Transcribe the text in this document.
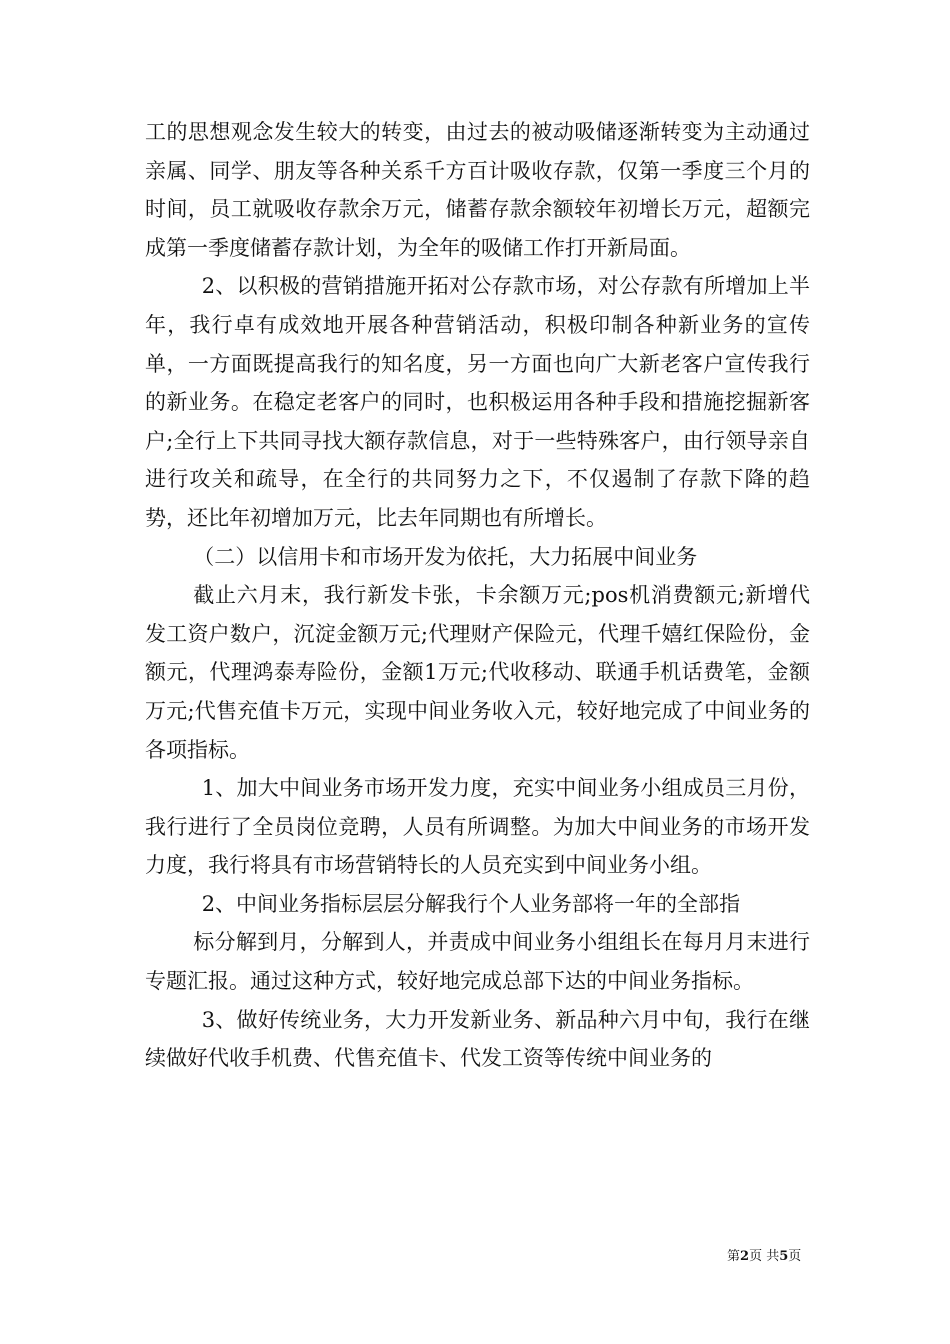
工的思想观念发生较大的转变，由过去的被动吸储逐渐转变为主动通过亲属、同学、朋友等各种关系千方百计吸收存款，仅第一季度三个月的时间，员工就吸收存款余万元，储蓄存款余额较年初增长万元，超额完成第一季度储蓄存款计划，为全年的吸储工作打开新局面。

2、以积极的营销措施开拓对公存款市场，对公存款有所增加上半年，我行卓有成效地开展各种营销活动，积极印制各种新业务的宣传单，一方面既提高我行的知名度，另一方面也向广大新老客户宣传我行的新业务。在稳定老客户的同时，也积极运用各种手段和措施挖掘新客户;全行上下共同寻找大额存款信息，对于一些特殊客户，由行领导亲自进行攻关和疏导，在全行的共同努力之下，不仅遏制了存款下降的趋势，还比年初增加万元，比去年同期也有所增长。

（二）以信用卡和市场开发为依托，大力拓展中间业务

截止六月末，我行新发卡张，卡余额万元;pos机消费额元;新增代发工资户数户，沉淀金额万元;代理财产保险元，代理千嬉红保险份，金额元，代理鸿泰寿险份，金额1万元;代收移动、联通手机话费笔，金额万元;代售充值卡万元，实现中间业务收入元，较好地完成了中间业务的各项指标。

1、加大中间业务市场开发力度，充实中间业务小组成员三月份，我行进行了全员岗位竞聘，人员有所调整。为加大中间业务的市场开发力度，我行将具有市场营销特长的人员充实到中间业务小组。

2、中间业务指标层层分解我行个人业务部将一年的全部指

标分解到月，分解到人，并责成中间业务小组组长在每月月末进行专题汇报。通过这种方式，较好地完成总部下达的中间业务指标。

3、做好传统业务，大力开发新业务、新品种六月中旬，我行在继续做好代收手机费、代售充值卡、代发工资等传统中间业务的

第2页 共5页
